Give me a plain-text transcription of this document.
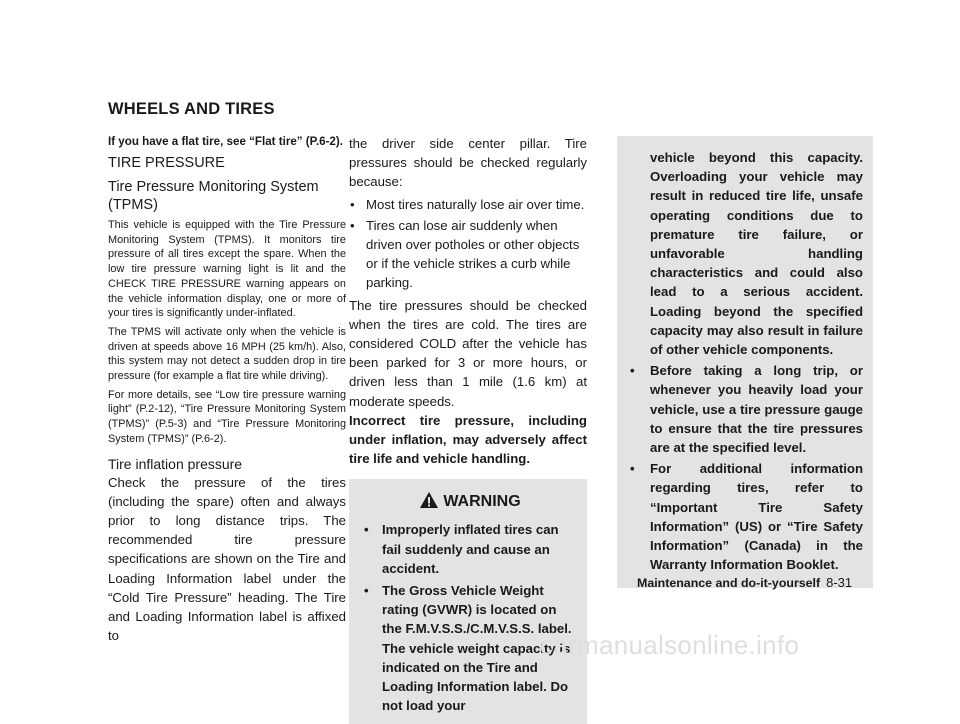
WHEELS AND TIRES

If you have a flat tire, see “Flat tire” (P.6-2).

TIRE PRESSURE

Tire Pressure Monitoring System (TPMS)

This vehicle is equipped with the Tire Pressure Monitoring System (TPMS). It monitors tire pressure of all tires except the spare. When the low tire pressure warning light is lit and the CHECK TIRE PRESSURE warning appears on the vehicle information display, one or more of your tires is significantly under-inflated.

The TPMS will activate only when the vehicle is driven at speeds above 16 MPH (25 km/h). Also, this system may not detect a sudden drop in tire pressure (for example a flat tire while driving).

For more details, see “Low tire pressure warning light” (P.2-12), “Tire Pressure Monitoring System (TPMS)” (P.5-3) and “Tire Pressure Monitoring System (TPMS)” (P.6-2).

Tire inflation pressure

Check the pressure of the tires (including the spare) often and always prior to long distance trips. The recommended tire pressure specifications are shown on the Tire and Loading Information label under the “Cold Tire Pressure” heading. The Tire and Loading Information label is affixed to

the driver side center pillar. Tire pressures should be checked regularly because:

• Most tires naturally lose air over time.
• Tires can lose air suddenly when driven over potholes or other objects or if the vehicle strikes a curb while parking.

The tire pressures should be checked when the tires are cold. The tires are considered COLD after the vehicle has been parked for 3 or more hours, or driven less than 1 mile (1.6 km) at moderate speeds.

Incorrect tire pressure, including under inflation, may adversely affect tire life and vehicle handling.

WARNING
• Improperly inflated tires can fail suddenly and cause an accident.
• The Gross Vehicle Weight rating (GVWR) is located on the F.M.V.S.S./C.M.V.S.S. label. The vehicle weight capacity is indicated on the Tire and Loading Information label. Do not load your

vehicle beyond this capacity. Overloading your vehicle may result in reduced tire life, unsafe operating conditions due to premature tire failure, or unfavorable handling characteristics and could also lead to a serious accident. Loading beyond the specified capacity may also result in failure of other vehicle components.

• Before taking a long trip, or whenever you heavily load your vehicle, use a tire pressure gauge to ensure that the tire pressures are at the specified level.
• For additional information regarding tires, refer to “Important Tire Safety Information” (US) or “Tire Safety Information” (Canada) in the Warranty Information Booklet.
Maintenance and do-it-yourself 8-31
carmanualsonline.info
